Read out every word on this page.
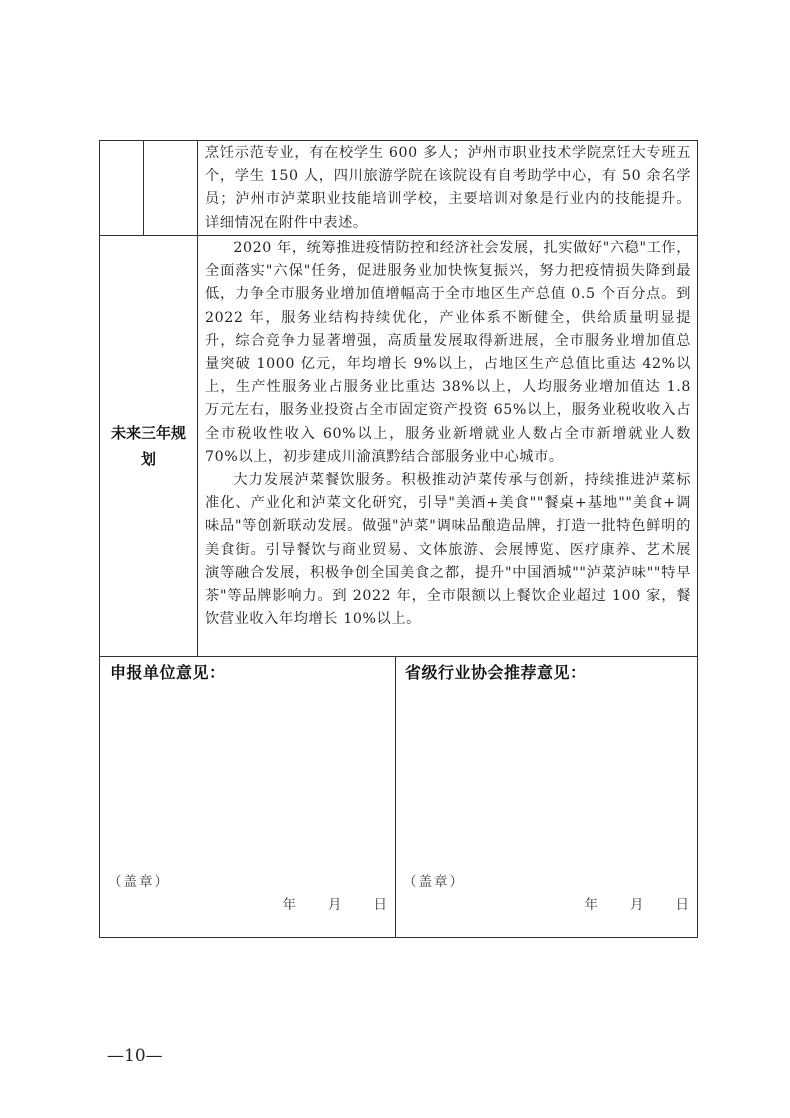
烹饪示范专业，有在校学生 600 多人；泸州市职业技术学院烹饪大专班五个，学生 150 人，四川旅游学院在该院设有自考助学中心，有 50 余名学员；泸州市泸菜职业技能培训学校，主要培训对象是行业内的技能提升。详细情况在附件中表述。

未来三年规划

2020 年，统筹推进疫情防控和经济社会发展，扎实做好"六稳"工作，全面落实"六保"任务，促进服务业加快恢复振兴，努力把疫情损失降到最低，力争全市服务业增加值增幅高于全市地区生产总值 0.5 个百分点。到 2022 年，服务业结构持续优化，产业体系不断健全，供给质量明显提升，综合竞争力显著增强，高质量发展取得新进展，全市服务业增加值总量突破 1000 亿元，年均增长 9%以上，占地区生产总值比重达 42%以上，生产性服务业占服务业比重达 38%以上，人均服务业增加值达 1.8 万元左右，服务业投资占全市固定资产投资 65%以上，服务业税收收入占全市税收性收入 60%以上，服务业新增就业人数占全市新增就业人数 70%以上，初步建成川渝滇黔结合部服务业中心城市。

大力发展泸菜餐饮服务。积极推动泸菜传承与创新，持续推进泸菜标准化、产业化和泸菜文化研究，引导"美酒+美食""餐桌+基地""美食+调味品"等创新联动发展。做强"泸菜"调味品酿造品牌，打造一批特色鲜明的美食街。引导餐饮与商业贸易、文体旅游、会展博览、医疗康养、艺术展演等融合发展，积极争创全国美食之都，提升"中国酒城""泸菜泸味""特早茶"等品牌影响力。到 2022 年，全市限额以上餐饮企业超过 100 家，餐饮营业收入年均增长 10%以上。

申报单位意见：
（盖章）
年 月 日
省级行业协会推荐意见：
（盖章）
年 月 日
—10—
